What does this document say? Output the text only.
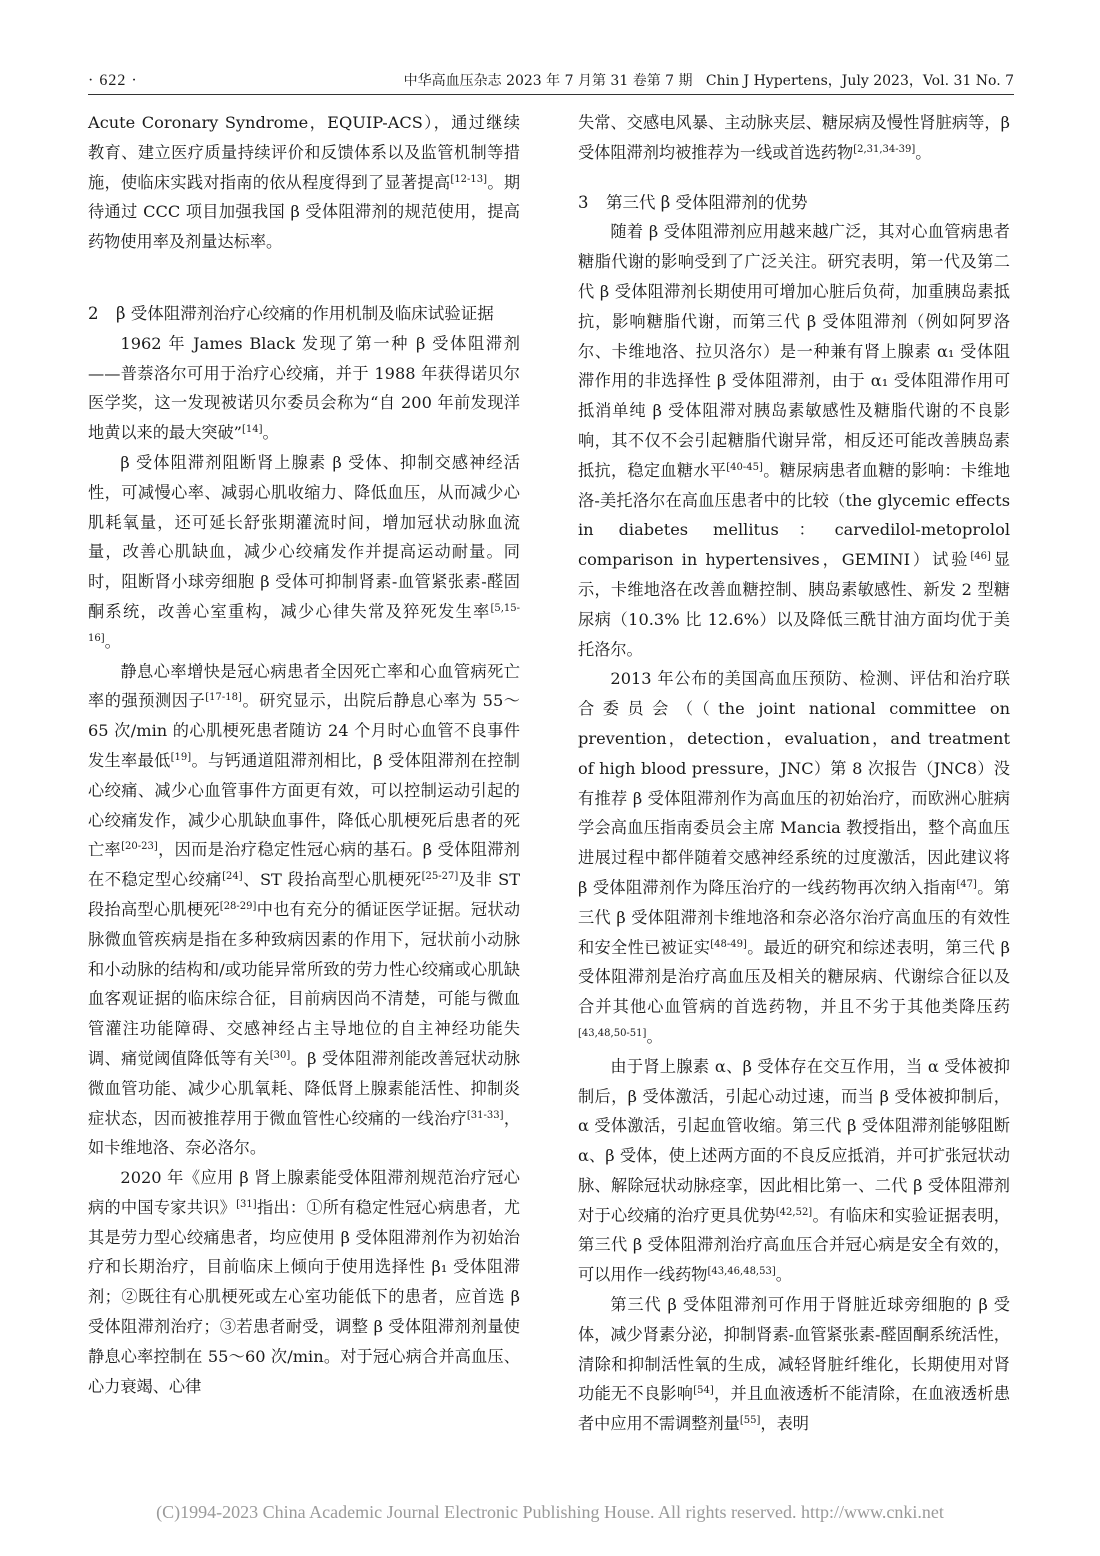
· 622 ·	中华高血压杂志 2023 年 7 月第 31 卷第 7 期 Chin J Hypertens，July 2023，Vol. 31 No. 7

Acute Coronary Syndrome，EQUIP-ACS），通过继续教育、建立医疗质量持续评价和反馈体系以及监管机制等措施，使临床实践对指南的依从程度得到了显著提高[12-13]。期待通过 CCC 项目加强我国 β 受体阻滞剂的规范使用，提高药物使用率及剂量达标率。

2 β 受体阻滞剂治疗心绞痛的作用机制及临床试验证据

1962 年 James Black 发现了第一种 β 受体阻滞剂——普萘洛尔可用于治疗心绞痛，并于 1988 年获得诺贝尔医学奖，这一发现被诺贝尔委员会称为“自 200 年前发现洋地黄以来的最大突破”[14]。

β 受体阻滞剂阻断肾上腺素 β 受体、抑制交感神经活性，可减慢心率、减弱心肌收缩力、降低血压，从而减少心肌耗氧量，还可延长舒张期灌流时间，增加冠状动脉血流量，改善心肌缺血，减少心绞痛发作并提高运动耐量。同时，阻断肾小球旁细胞 β 受体可抑制肾素-血管紧张素-醛固酮系统，改善心室重构，减少心律失常及猝死发生率[5,15-16]。

静息心率增快是冠心病患者全因死亡率和心血管病死亡率的强预测因子[17-18]。研究显示，出院后静息心率为 55～65 次/min 的心肌梗死患者随访 24 个月时心血管不良事件发生率最低[19]。与钙通道阻滞剂相比，β 受体阻滞剂在控制心绞痛、减少心血管事件方面更有效，可以控制运动引起的心绞痛发作，减少心肌缺血事件，降低心肌梗死后患者的死亡率[20-23]，因而是治疗稳定性冠心病的基石。β 受体阻滞剂在不稳定型心绞痛[24]、ST 段抬高型心肌梗死[25-27]及非 ST 段抬高型心肌梗死[28-29]中也有充分的循证医学证据。冠状动脉微血管疾病是指在多种致病因素的作用下，冠状前小动脉和小动脉的结构和/或功能异常所致的劳力性心绞痛或心肌缺血客观证据的临床综合征，目前病因尚不清楚，可能与微血管灌注功能障碍、交感神经占主导地位的自主神经功能失调、痛觉阈值降低等有关[30]。β 受体阻滞剂能改善冠状动脉微血管功能、减少心肌氧耗、降低肾上腺素能活性、抑制炎症状态，因而被推荐用于微血管性心绞痛的一线治疗[31-33]，如卡维地洛、奈必洛尔。

2020 年《应用 β 肾上腺素能受体阻滞剂规范治疗冠心病的中国专家共识》[31]指出：①所有稳定性冠心病患者，尤其是劳力型心绞痛患者，均应使用 β 受体阻滞剂作为初始治疗和长期治疗，目前临床上倾向于使用选择性 β₁ 受体阻滞剂；②既往有心肌梗死或左心室功能低下的患者，应首选 β 受体阻滞剂治疗；③若患者耐受，调整 β 受体阻滞剂剂量使静息心率控制在 55～60 次/min。对于冠心病合并高血压、心力衰竭、心律

失常、交感电风暴、主动脉夹层、糖尿病及慢性肾脏病等，β 受体阻滞剂均被推荐为一线或首选药物[2,31,34-39]。

3 第三代 β 受体阻滞剂的优势

随着 β 受体阻滞剂应用越来越广泛，其对心血管病患者糖脂代谢的影响受到了广泛关注。研究表明，第一代及第二代 β 受体阻滞剂长期使用可增加心脏后负荷，加重胰岛素抵抗，影响糖脂代谢，而第三代 β 受体阻滞剂（例如阿罗洛尔、卡维地洛、拉贝洛尔）是一种兼有肾上腺素 α₁ 受体阻滞作用的非选择性 β 受体阻滞剂，由于 α₁ 受体阻滞作用可抵消单纯 β 受体阻滞对胰岛素敏感性及糖脂代谢的不良影响，其不仅不会引起糖脂代谢异常，相反还可能改善胰岛素抵抗，稳定血糖水平[40-45]。糖尿病患者血糖的影响：卡维地洛-美托洛尔在高血压患者中的比较（the glycemic effects in diabetes mellitus：carvedilol-metoprolol comparison in hypertensives，GEMINI）试验[46]显示，卡维地洛在改善血糖控制、胰岛素敏感性、新发 2 型糖尿病（10.3% 比 12.6%）以及降低三酰甘油方面均优于美托洛尔。

2013 年公布的美国高血压预防、检测、评估和治疗联合委员会（（the joint national committee on prevention，detection，evaluation，and treatment of high blood pressure，JNC）第 8 次报告（JNC8）没有推荐 β 受体阻滞剂作为高血压的初始治疗，而欧洲心脏病学会高血压指南委员会主席 Mancia 教授指出，整个高血压进展过程中都伴随着交感神经系统的过度激活，因此建议将 β 受体阻滞剂作为降压治疗的一线药物再次纳入指南[47]。第三代 β 受体阻滞剂卡维地洛和奈必洛尔治疗高血压的有效性和安全性已被证实[48-49]。最近的研究和综述表明，第三代 β 受体阻滞剂是治疗高血压及相关的糖尿病、代谢综合征以及合并其他心血管病的首选药物，并且不劣于其他类降压药[43,48,50-51]。

由于肾上腺素 α、β 受体存在交互作用，当 α 受体被抑制后，β 受体激活，引起心动过速，而当 β 受体被抑制后，α 受体激活，引起血管收缩。第三代 β 受体阻滞剂能够阻断 α、β 受体，使上述两方面的不良反应抵消，并可扩张冠状动脉、解除冠状动脉痉挛，因此相比第一、二代 β 受体阻滞剂对于心绞痛的治疗更具优势[42,52]。有临床和实验证据表明，第三代 β 受体阻滞剂治疗高血压合并冠心病是安全有效的，可以用作一线药物[43,46,48,53]。

第三代 β 受体阻滞剂可作用于肾脏近球旁细胞的 β 受体，减少肾素分泌，抑制肾素-血管紧张素-醛固酮系统活性，清除和抑制活性氧的生成，减轻肾脏纤维化，长期使用对肾功能无不良影响[54]，并且血液透析不能清除，在血液透析患者中应用不需调整剂量[55]，表明

(C)1994-2023 China Academic Journal Electronic Publishing House. All rights reserved. http://www.cnki.net
